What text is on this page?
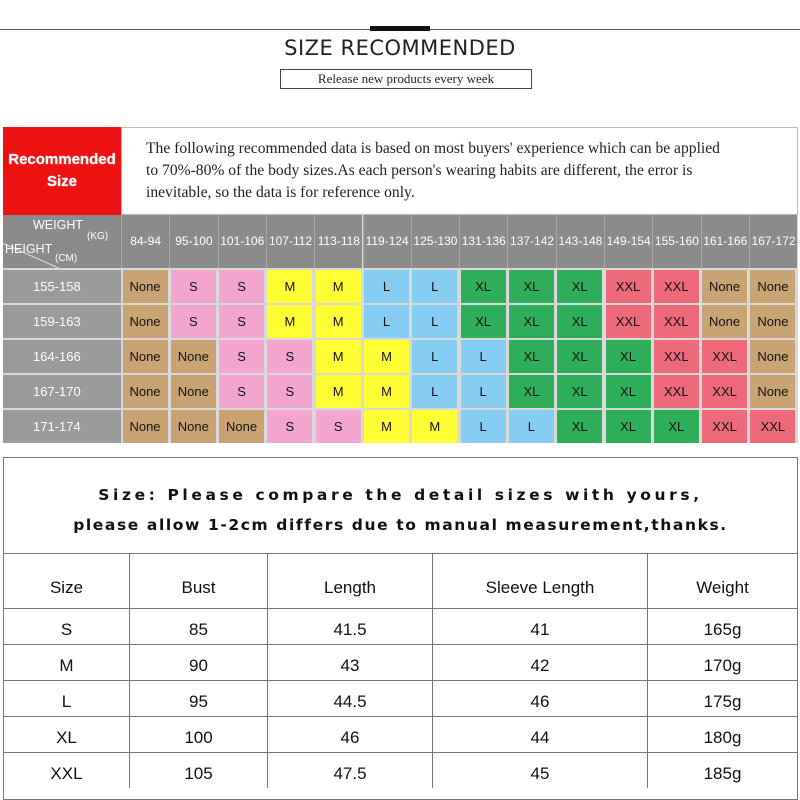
SIZE RECOMMENDED
Release new products every week
Recommended
Size
The following recommended data is based on most buyers' experience which can be applied
to 70%-80% of the body sizes.As each person's wearing habits are different, the error is
inevitable, so the data is for reference only.
WEIGHT
(KG)
HEIGHT
(CM)
84-94	95-100 101-106 107-112 113-118 119-124 125-130 131-136 137-142 143-148 149-154 155-160 161-166 167-172
155-158	None	S	S	M	M	L	L	XL	XL	XL	XXL	XXL	None	None
159-163	None	S	S	M	M	L	L	XL	XL	XL	XXL	XXL	None	None
164-166	None	None	S	S	M	M	L	L	XL	XL	XL	XXL	XXL	None
167-170	None	None	S	S	M	M	L	L	XL	XL	XL	XXL	XXL	None
171-174	None	None	None	S	S	M	M	L	L	XL	XL	XL	XXL	XXL
Size: Please compare the detail sizes with yours,
please allow 1-2cm differs due to manual measurement,thanks.
Size	Bust	Length	Sleeve Length	Weight
S	85	41.5	41	165g
M	90	43	42	170g
L	95	44.5	46	175g
XL	100	46	44	180g
XXL	105	47.5	45	185g
